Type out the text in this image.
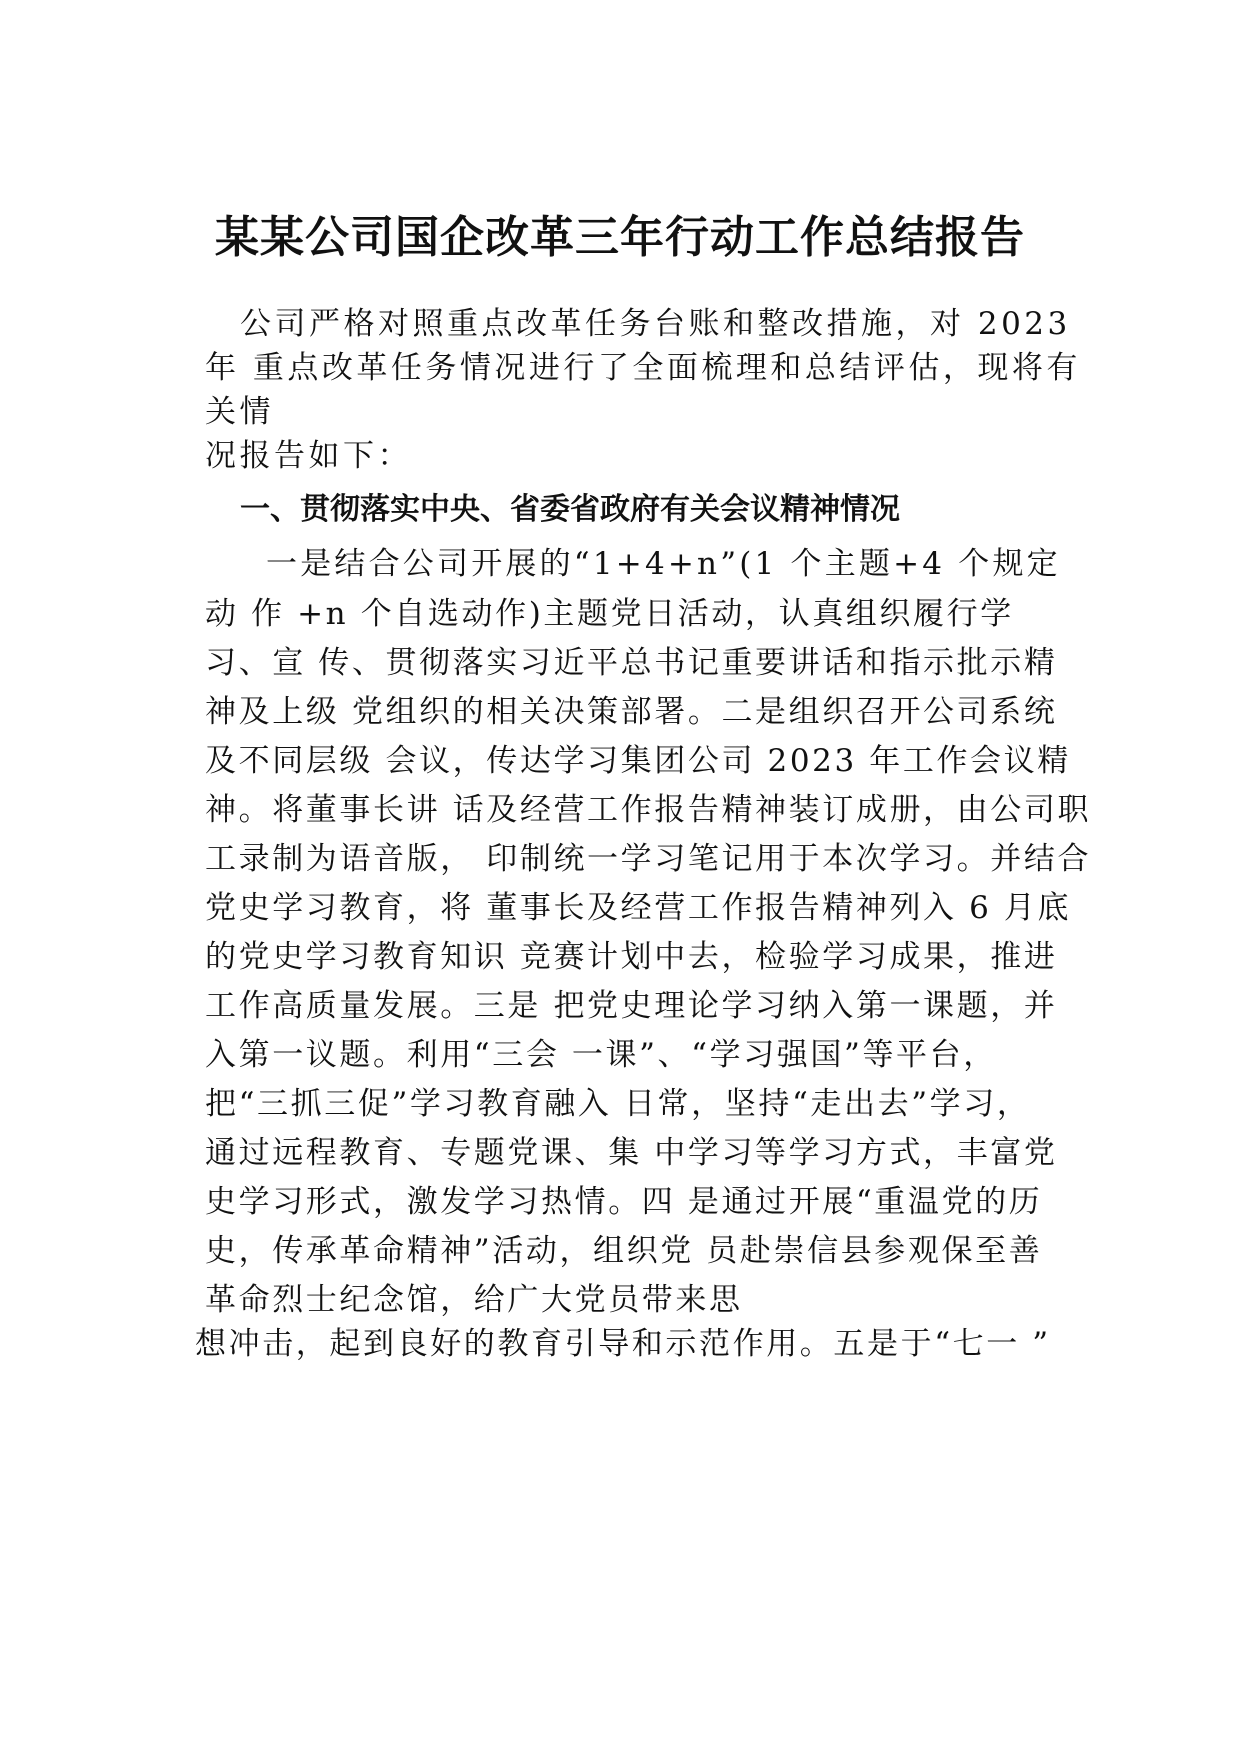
某某公司国企改革三年行动工作总结报告
公司严格对照重点改革任务台账和整改措施，对 2023
年 重点改革任务情况进行了全面梳理和总结评估，现将有
关情
况报告如下：
一、贯彻落实中央、省委省政府有关会议精神情况
一是结合公司开展的“1+4+n”(1 个主题+4 个规定
动 作 +n 个自选动作)主题党日活动，认真组织履行学
习、宣 传、贯彻落实习近平总书记重要讲话和指示批示精
神及上级 党组织的相关决策部署。二是组织召开公司系统
及不同层级 会议，传达学习集团公司 2023 年工作会议精
神。将董事长讲 话及经营工作报告精神装订成册，由公司职
工录制为语音版， 印制统一学习笔记用于本次学习。并结合
党史学习教育，将 董事长及经营工作报告精神列入 6 月底
的党史学习教育知识 竞赛计划中去，检验学习成果，推进
工作高质量发展。三是 把党史理论学习纳入第一课题，并
入第一议题。利用“三会 一课”、“学习强国”等平台，
把“三抓三促”学习教育融入 日常，坚持“走出去”学习，
通过远程教育、专题党课、集 中学习等学习方式，丰富党
史学习形式，激发学习热情。四 是通过开展“重温党的历
史，传承革命精神”活动，组织党 员赴崇信县参观保至善
革命烈士纪念馆，给广大党员带来思
想冲击，起到良好的教育引导和示范作用。五是于“七一 ”
